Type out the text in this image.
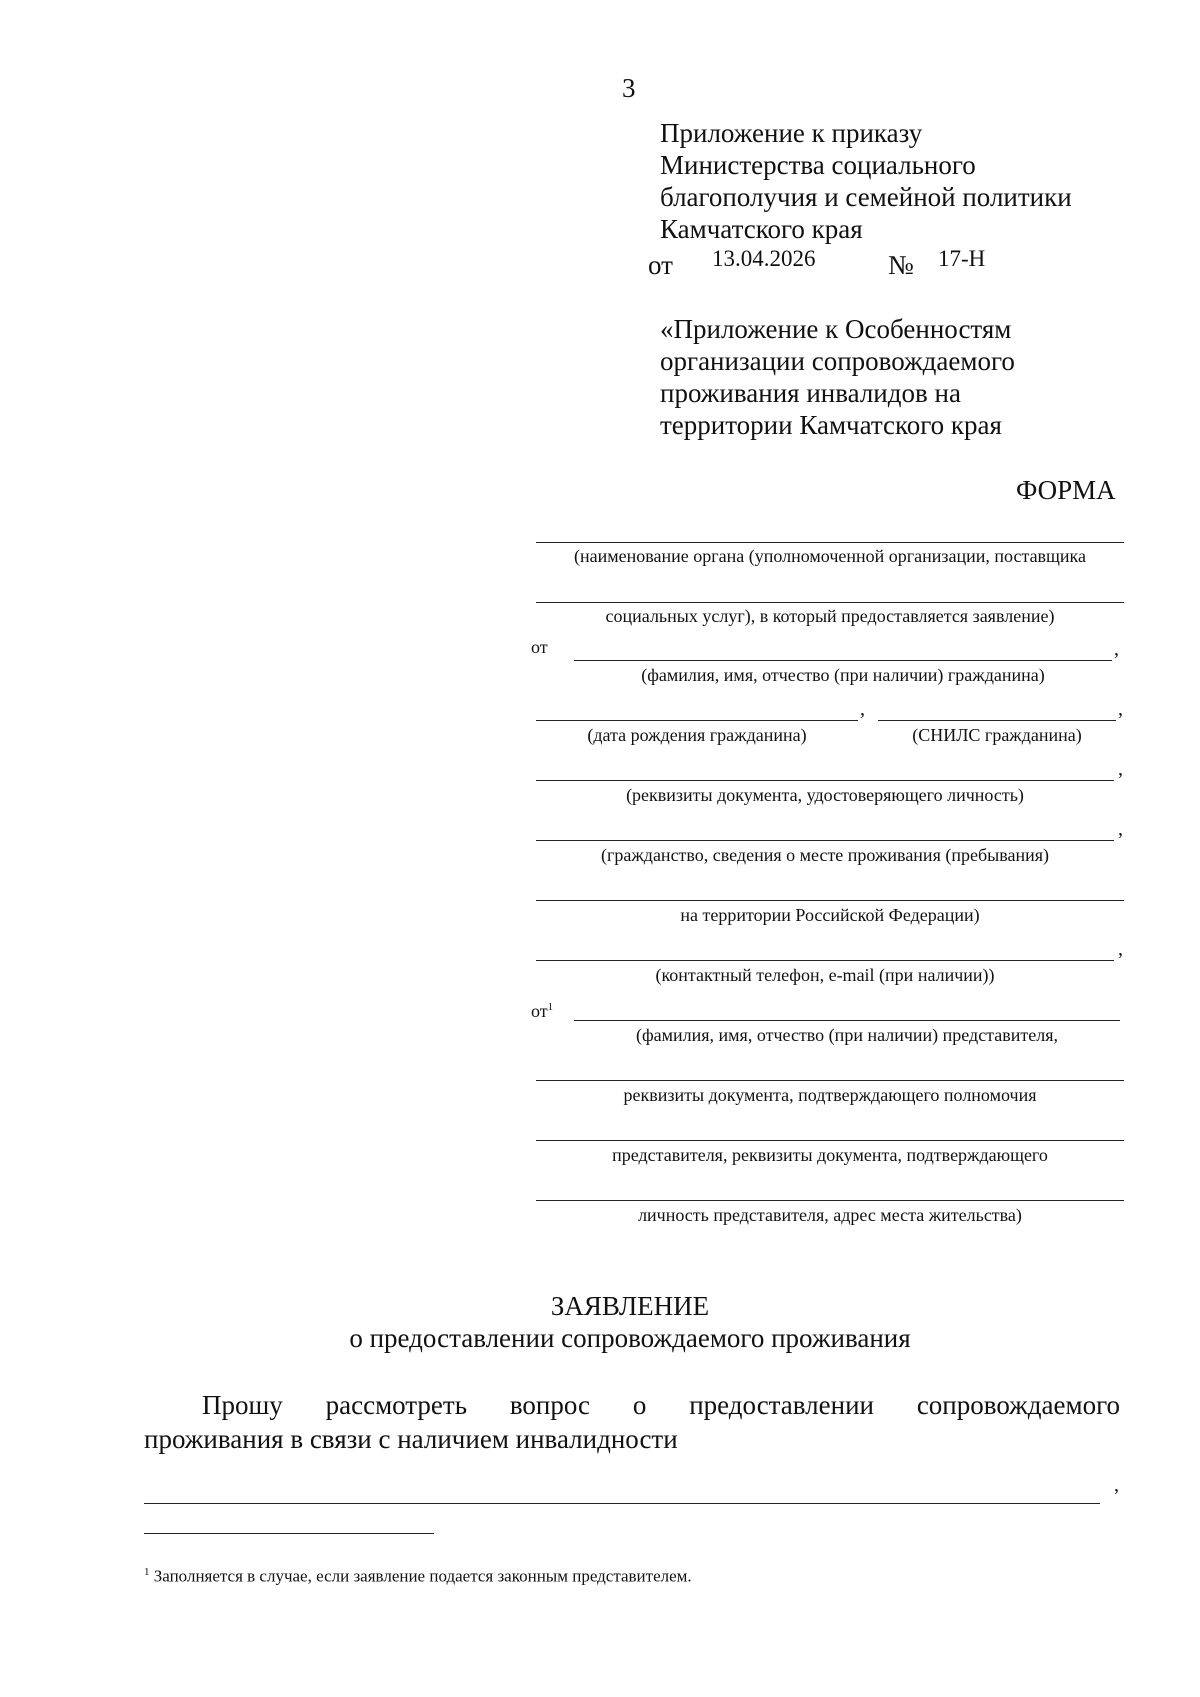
3
Приложение к приказу
Министерства социального
благополучия и семейной политики
Камчатского края
от 13.04.2026	№ 17-Н
«Приложение к Особенностям
организации сопровождаемого
проживания инвалидов на
территории Камчатского края
ФОРМА
(наименование органа (уполномоченной организации, поставщика
социальных услуг), в который предоставляется заявление)
от	,
(фамилия, имя, отчество (при наличии) гражданина)
,	,
(дата рождения гражданина)	(СНИЛС гражданина)
,
(реквизиты документа, удостоверяющего личность)
,
(гражданство, сведения о месте проживания (пребывания)
на территории Российской Федерации)
,
(контактный телефон, e-mail (при наличии))
$от^1$
(фамилия, имя, отчество (при наличии) представителя,
реквизиты документа, подтверждающего полномочия
представителя, реквизиты документа, подтверждающего
личность представителя, адрес места жительства)
ЗАЯВЛЕНИЕ
о предоставлении сопровождаемого проживания
Прошу рассмотреть вопрос о предоставлении сопровождаемого
проживания в связи с наличием инвалидности
,
$^1$ Заполняется в случае, если заявление подается законным представителем.
